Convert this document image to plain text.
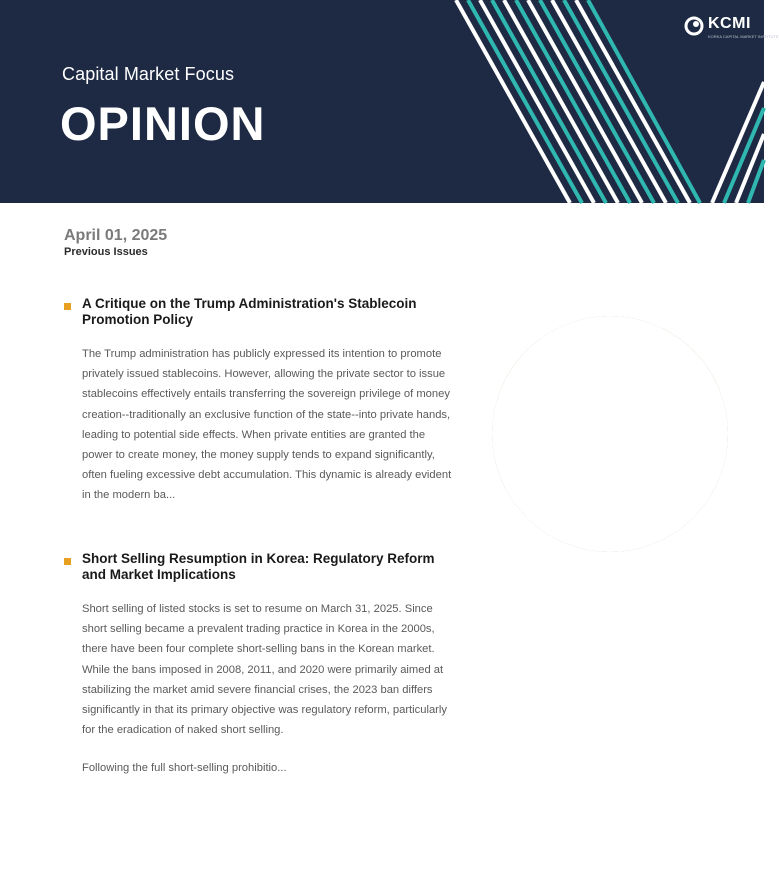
Capital Market Focus
OPINION
KCMI
KOREA CAPITAL MARKET INSTITUTE
April 01, 2025
Previous Issues
A Critique on the Trump Administration's Stablecoin Promotion Policy
The Trump administration has publicly expressed its intention to promote privately issued stablecoins. However, allowing the private sector to issue stablecoins effectively entails transferring the sovereign privilege of money creation--traditionally an exclusive function of the state--into private hands, leading to potential side effects. When private entities are granted the power to create money, the money supply tends to expand significantly, often fueling excessive debt accumulation. This dynamic is already evident in the modern ba...
Short Selling Resumption in Korea: Regulatory Reform and Market Implications
Short selling of listed stocks is set to resume on March 31, 2025. Since short selling became a prevalent trading practice in Korea in the 2000s, there have been four complete short-selling bans in the Korean market. While the bans imposed in 2008, 2011, and 2020 were primarily aimed at stabilizing the market amid severe financial crises, the 2023 ban differs significantly in that its primary objective was regulatory reform, particularly for the eradication of naked short selling.
Following the full short-selling prohibitio...
